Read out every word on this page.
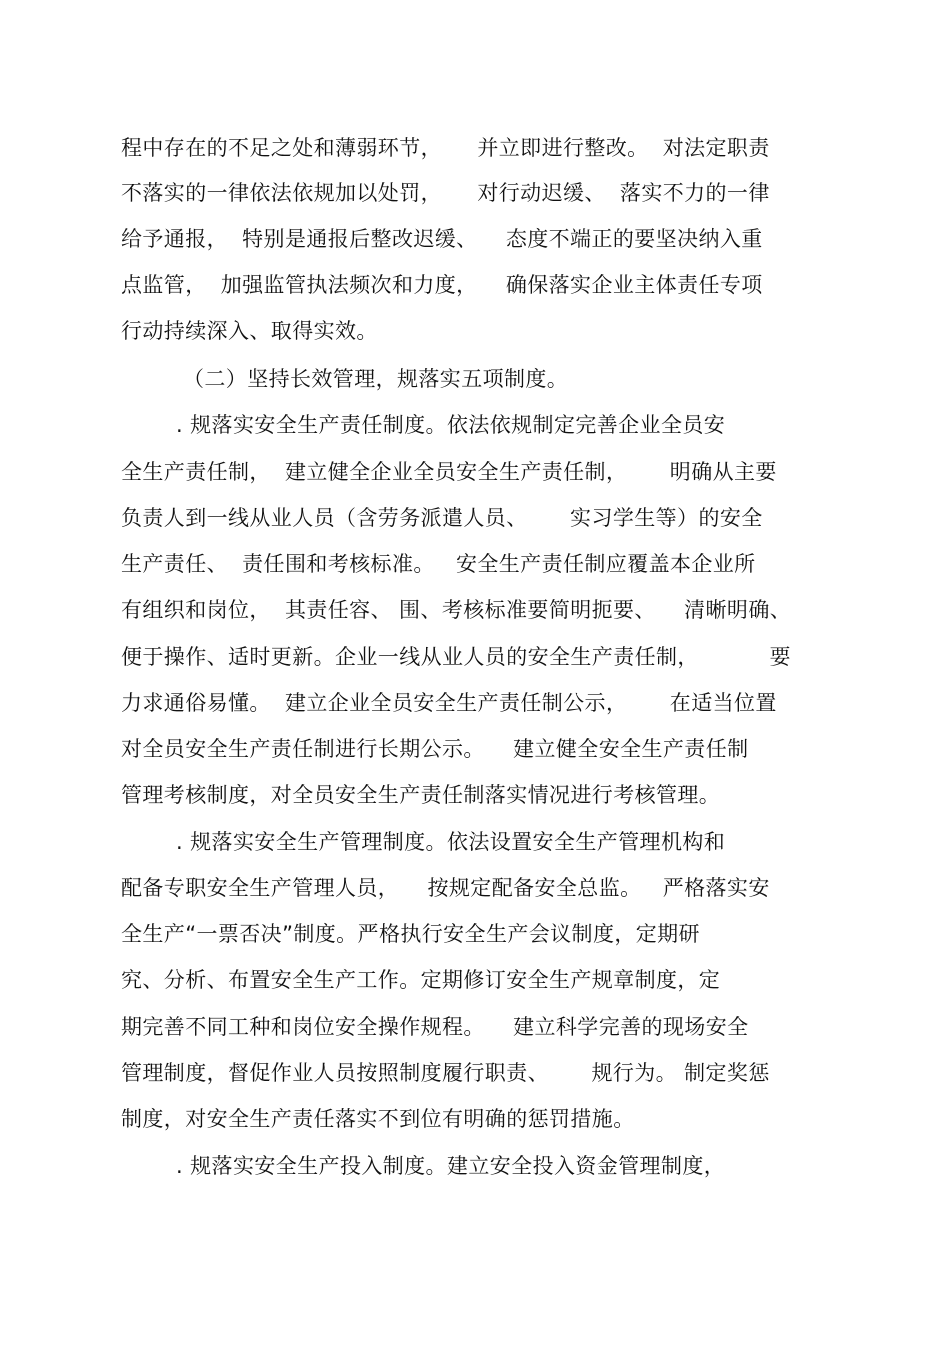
程中存在的不足之处和薄弱环节，     并立即进行整改。  对法定职责
不落实的一律依法依规加以处罚，     对行动迟缓、  落实不力的一律
给予通报，  特别是通报后整改迟缓、    态度不端正的要坚决纳入重
点监管，  加强监管执法频次和力度，    确保落实企业主体责任专项
行动持续深入、取得实效。
（二）坚持长效管理，规落实五项制度。
. 规落实安全生产责任制度。依法依规制定完善企业全员安
全生产责任制，  建立健全企业全员安全生产责任制，      明确从主要
负责人到一线从业人员（含劳务派遣人员、      实习学生等）的安全
生产责任、  责任围和考核标准。   安全生产责任制应覆盖本企业所
有组织和岗位，  其责任容、 围、考核标准要简明扼要、    清晰明确、
便于操作、适时更新。企业一线从业人员的安全生产责任制，          要
力求通俗易懂。  建立企业全员安全生产责任制公示，      在适当位置
对全员安全生产责任制进行长期公示。    建立健全安全生产责任制
管理考核制度，对全员安全生产责任制落实情况进行考核管理。
. 规落实安全生产管理制度。依法设置安全生产管理机构和
配备专职安全生产管理人员，    按规定配备安全总监。   严格落实安
全生产“一票否决”制度。严格执行安全生产会议制度，定期研
究、分析、布置安全生产工作。定期修订安全生产规章制度，定
期完善不同工种和岗位安全操作规程。    建立科学完善的现场安全
管理制度，督促作业人员按照制度履行职责、      规行为。 制定奖惩
制度，对安全生产责任落实不到位有明确的惩罚措施。
. 规落实安全生产投入制度。建立安全投入资金管理制度，
